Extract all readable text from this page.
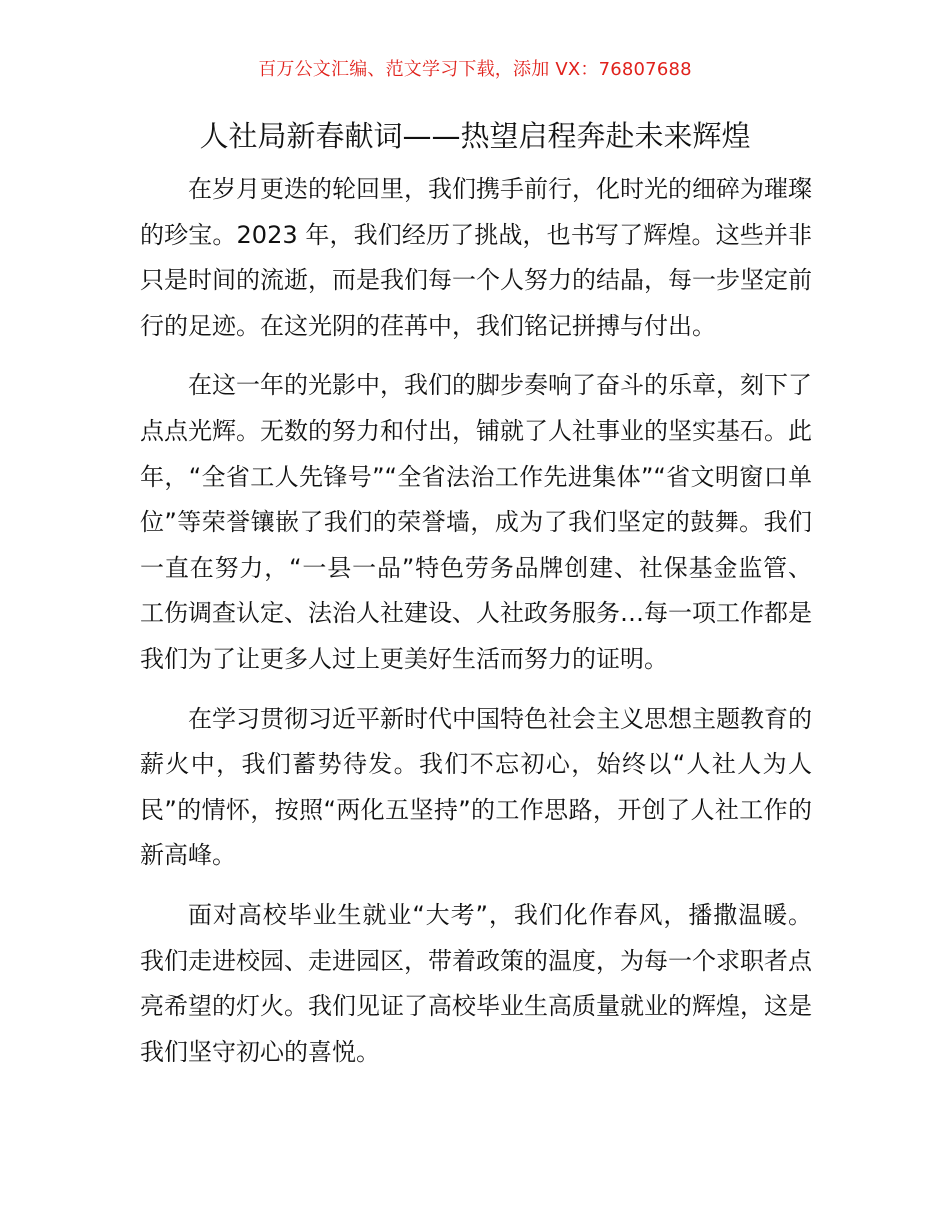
百万公文汇编、范文学习下载，添加 VX：76807688
人社局新春献词——热望启程奔赴未来辉煌

在岁月更迭的轮回里，我们携手前行，化时光的细碎为璀璨的珍宝。2023 年，我们经历了挑战，也书写了辉煌。这些并非只是时间的流逝，而是我们每一个人努力的结晶，每一步坚定前行的足迹。在这光阴的荏苒中，我们铭记拼搏与付出。

在这一年的光影中，我们的脚步奏响了奋斗的乐章，刻下了点点光辉。无数的努力和付出，铺就了人社事业的坚实基石。此年，“全省工人先锋号”“全省法治工作先进集体”“省文明窗口单位”等荣誉镶嵌了我们的荣誉墙，成为了我们坚定的鼓舞。我们一直在努力，“一县一品”特色劳务品牌创建、社保基金监管、工伤调查认定、法治人社建设、人社政务服务…每一项工作都是我们为了让更多人过上更美好生活而努力的证明。

在学习贯彻习近平新时代中国特色社会主义思想主题教育的薪火中，我们蓄势待发。我们不忘初心，始终以“人社人为人民”的情怀，按照“两化五坚持”的工作思路，开创了人社工作的新高峰。

面对高校毕业生就业“大考”，我们化作春风，播撒温暖。我们走进校园、走进园区，带着政策的温度，为每一个求职者点亮希望的灯火。我们见证了高校毕业生高质量就业的辉煌，这是我们坚守初心的喜悦。
